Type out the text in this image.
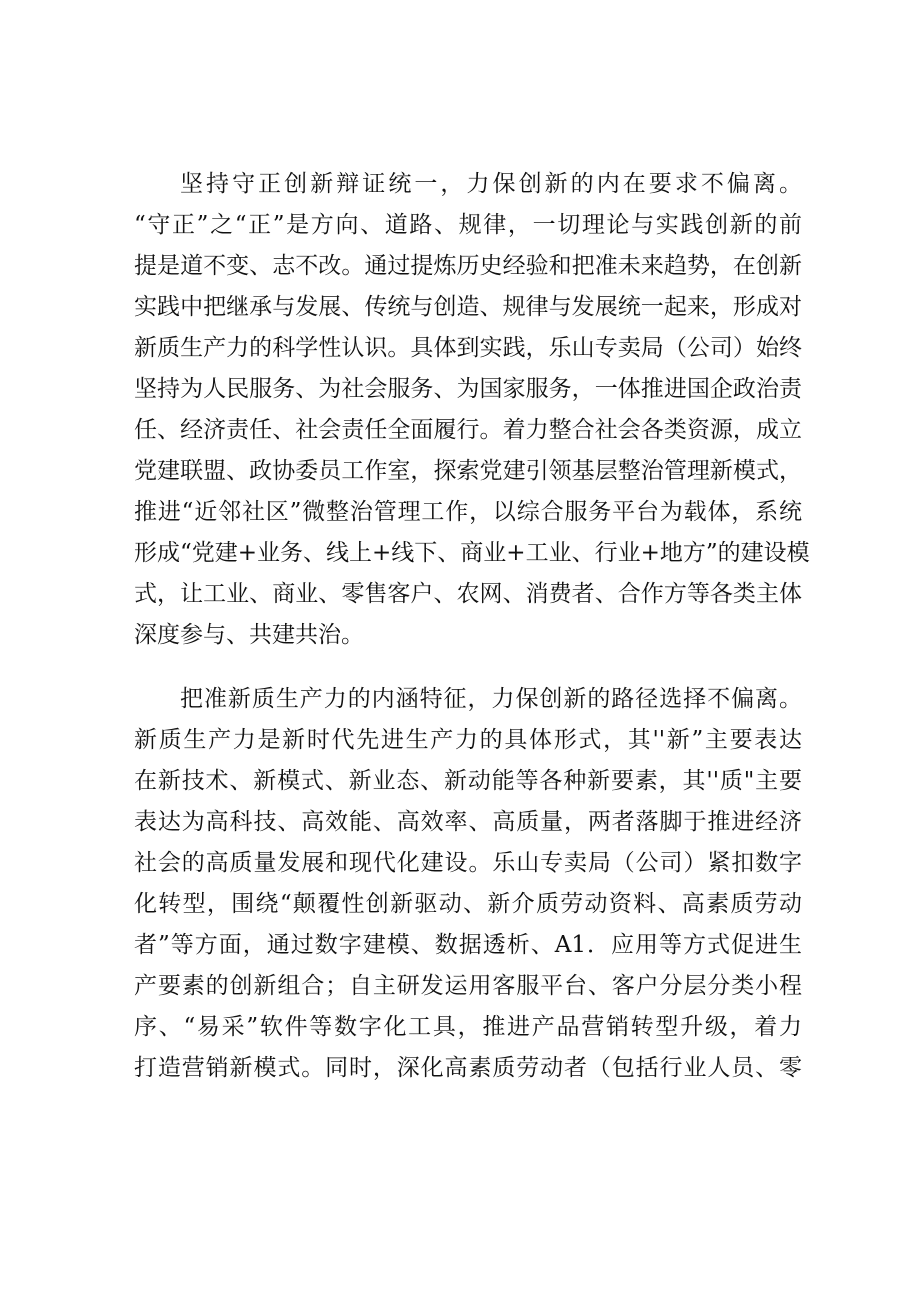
坚持守正创新辩证统一，力保创新的内在要求不偏离。
“守正”之“正”是方向、道路、规律，一切理论与实践创新的前
提是道不变、志不改。通过提炼历史经验和把准未来趋势，在创新
实践中把继承与发展、传统与创造、规律与发展统一起来，形成对
新质生产力的科学性认识。具体到实践，乐山专卖局（公司）始终
坚持为人民服务、为社会服务、为国家服务，一体推进国企政治责
任、经济责任、社会责任全面履行。着力整合社会各类资源，成立
党建联盟、政协委员工作室，探索党建引领基层整治管理新模式，
推进“近邻社区”微整治管理工作，以综合服务平台为载体，系统
形成“党建+业务、线上+线下、商业+工业、行业+地方”的建设模
式，让工业、商业、零售客户、农网、消费者、合作方等各类主体
深度参与、共建共治。
把准新质生产力的内涵特征，力保创新的路径选择不偏离。
新质生产力是新时代先进生产力的具体形式，其''新”主要表达
在新技术、新模式、新业态、新动能等各种新要素，其''质"主要
表达为高科技、高效能、高效率、高质量，两者落脚于推进经济
社会的高质量发展和现代化建设。乐山专卖局（公司）紧扣数字
化转型，围绕“颠覆性创新驱动、新介质劳动资料、高素质劳动
者”等方面，通过数字建模、数据透析、A1．应用等方式促进生
产要素的创新组合；自主研发运用客服平台、客户分层分类小程
序、“易采”软件等数字化工具，推进产品营销转型升级，着力
打造营销新模式。同时，深化高素质劳动者（包括行业人员、零
